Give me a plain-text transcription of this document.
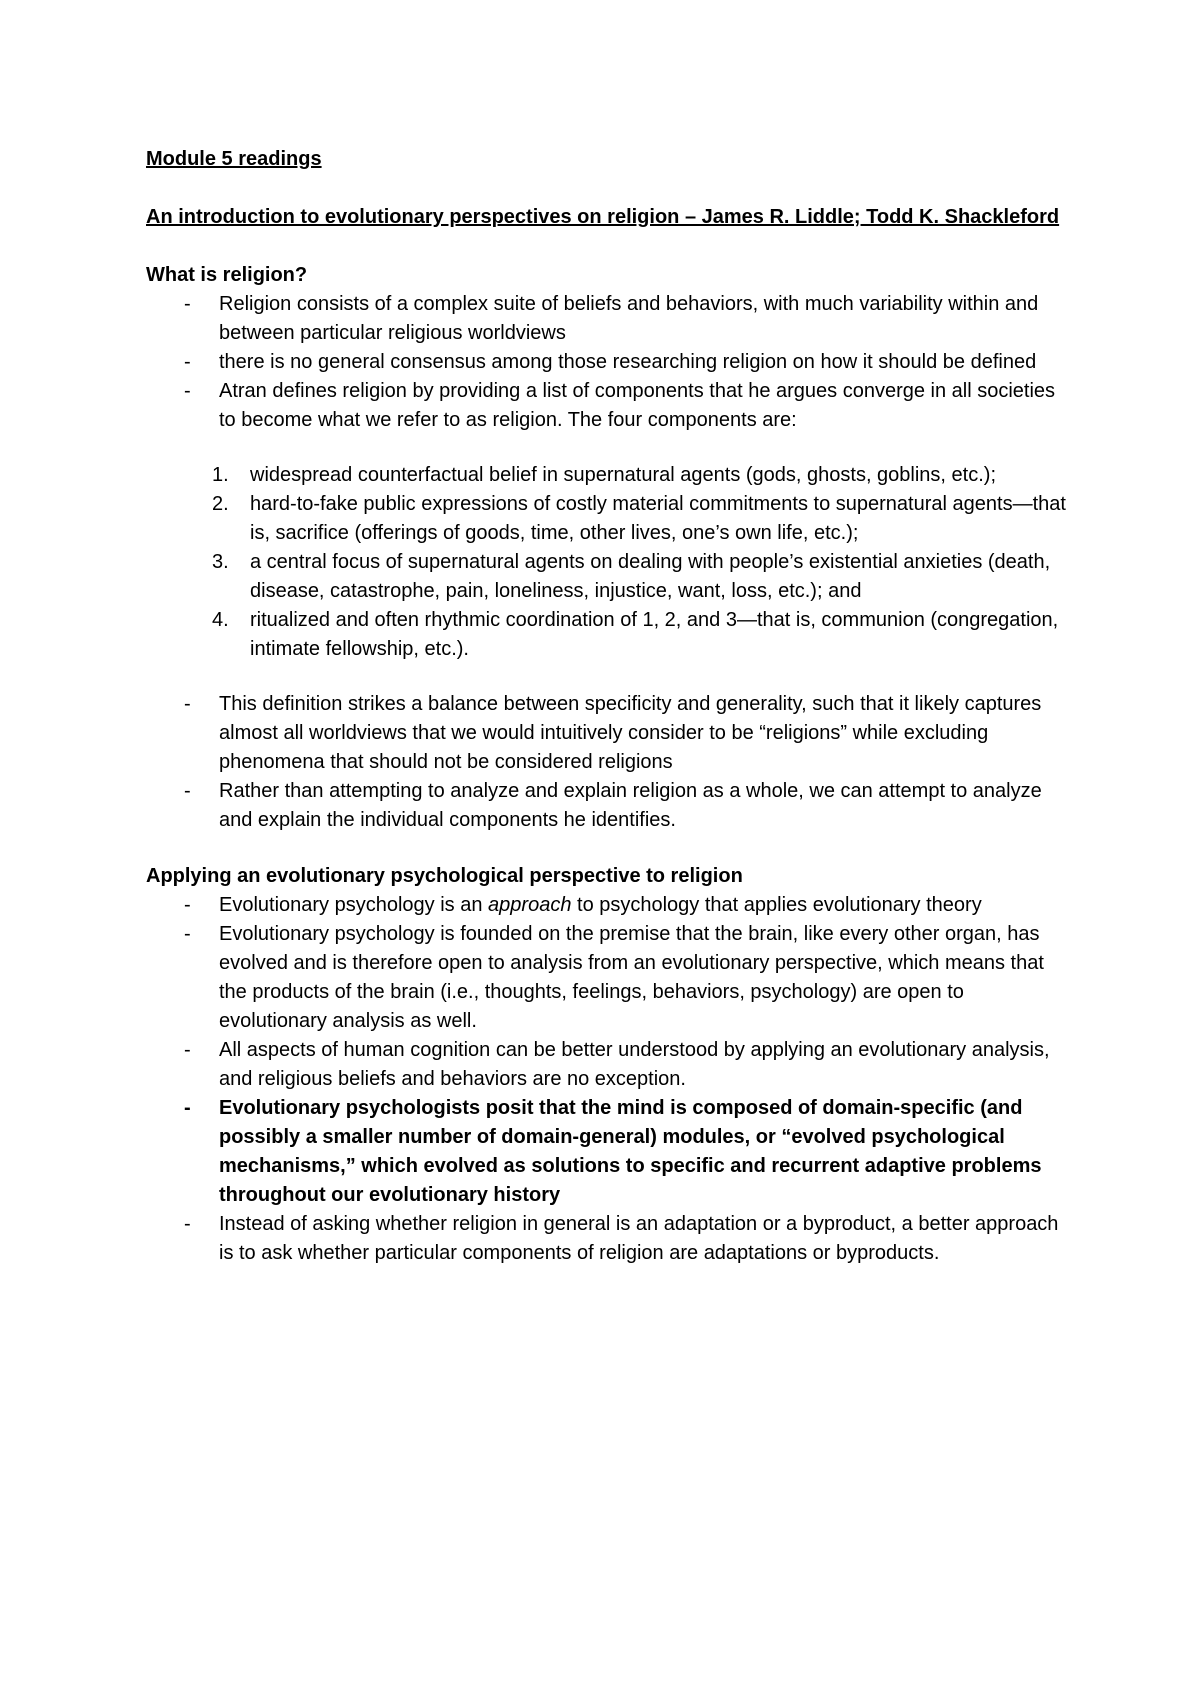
Module 5 readings

An introduction to evolutionary perspectives on religion – James R. Liddle; Todd K. Shackleford

What is religion?

- Religion consists of a complex suite of beliefs and behaviors, with much variability within and between particular religious worldviews
- there is no general consensus among those researching religion on how it should be defined
- Atran defines religion by providing a list of components that he argues converge in all societies to become what we refer to as religion. The four components are:
1. widespread counterfactual belief in supernatural agents (gods, ghosts, goblins, etc.);
2. hard-to-fake public expressions of costly material commitments to supernatural agents—that is, sacrifice (offerings of goods, time, other lives, one’s own life, etc.);
3. a central focus of supernatural agents on dealing with people’s existential anxieties (death, disease, catastrophe, pain, loneliness, injustice, want, loss, etc.); and
4. ritualized and often rhythmic coordination of 1, 2, and 3—that is, communion (congregation, intimate fellowship, etc.).
- This definition strikes a balance between specificity and generality, such that it likely captures almost all worldviews that we would intuitively consider to be “religions” while excluding phenomena that should not be considered religions
- Rather than attempting to analyze and explain religion as a whole, we can attempt to analyze and explain the individual components he identifies.

Applying an evolutionary psychological perspective to religion

- Evolutionary psychology is an approach to psychology that applies evolutionary theory
- Evolutionary psychology is founded on the premise that the brain, like every other organ, has evolved and is therefore open to analysis from an evolutionary perspective, which means that the products of the brain (i.e., thoughts, feelings, behaviors, psychology) are open to evolutionary analysis as well.
- All aspects of human cognition can be better understood by applying an evolutionary analysis, and religious beliefs and behaviors are no exception.
- Evolutionary psychologists posit that the mind is composed of domain-specific (and possibly a smaller number of domain-general) modules, or “evolved psychological mechanisms,” which evolved as solutions to specific and recurrent adaptive problems throughout our evolutionary history
- Instead of asking whether religion in general is an adaptation or a byproduct, a better approach is to ask whether particular components of religion are adaptations or byproducts.
